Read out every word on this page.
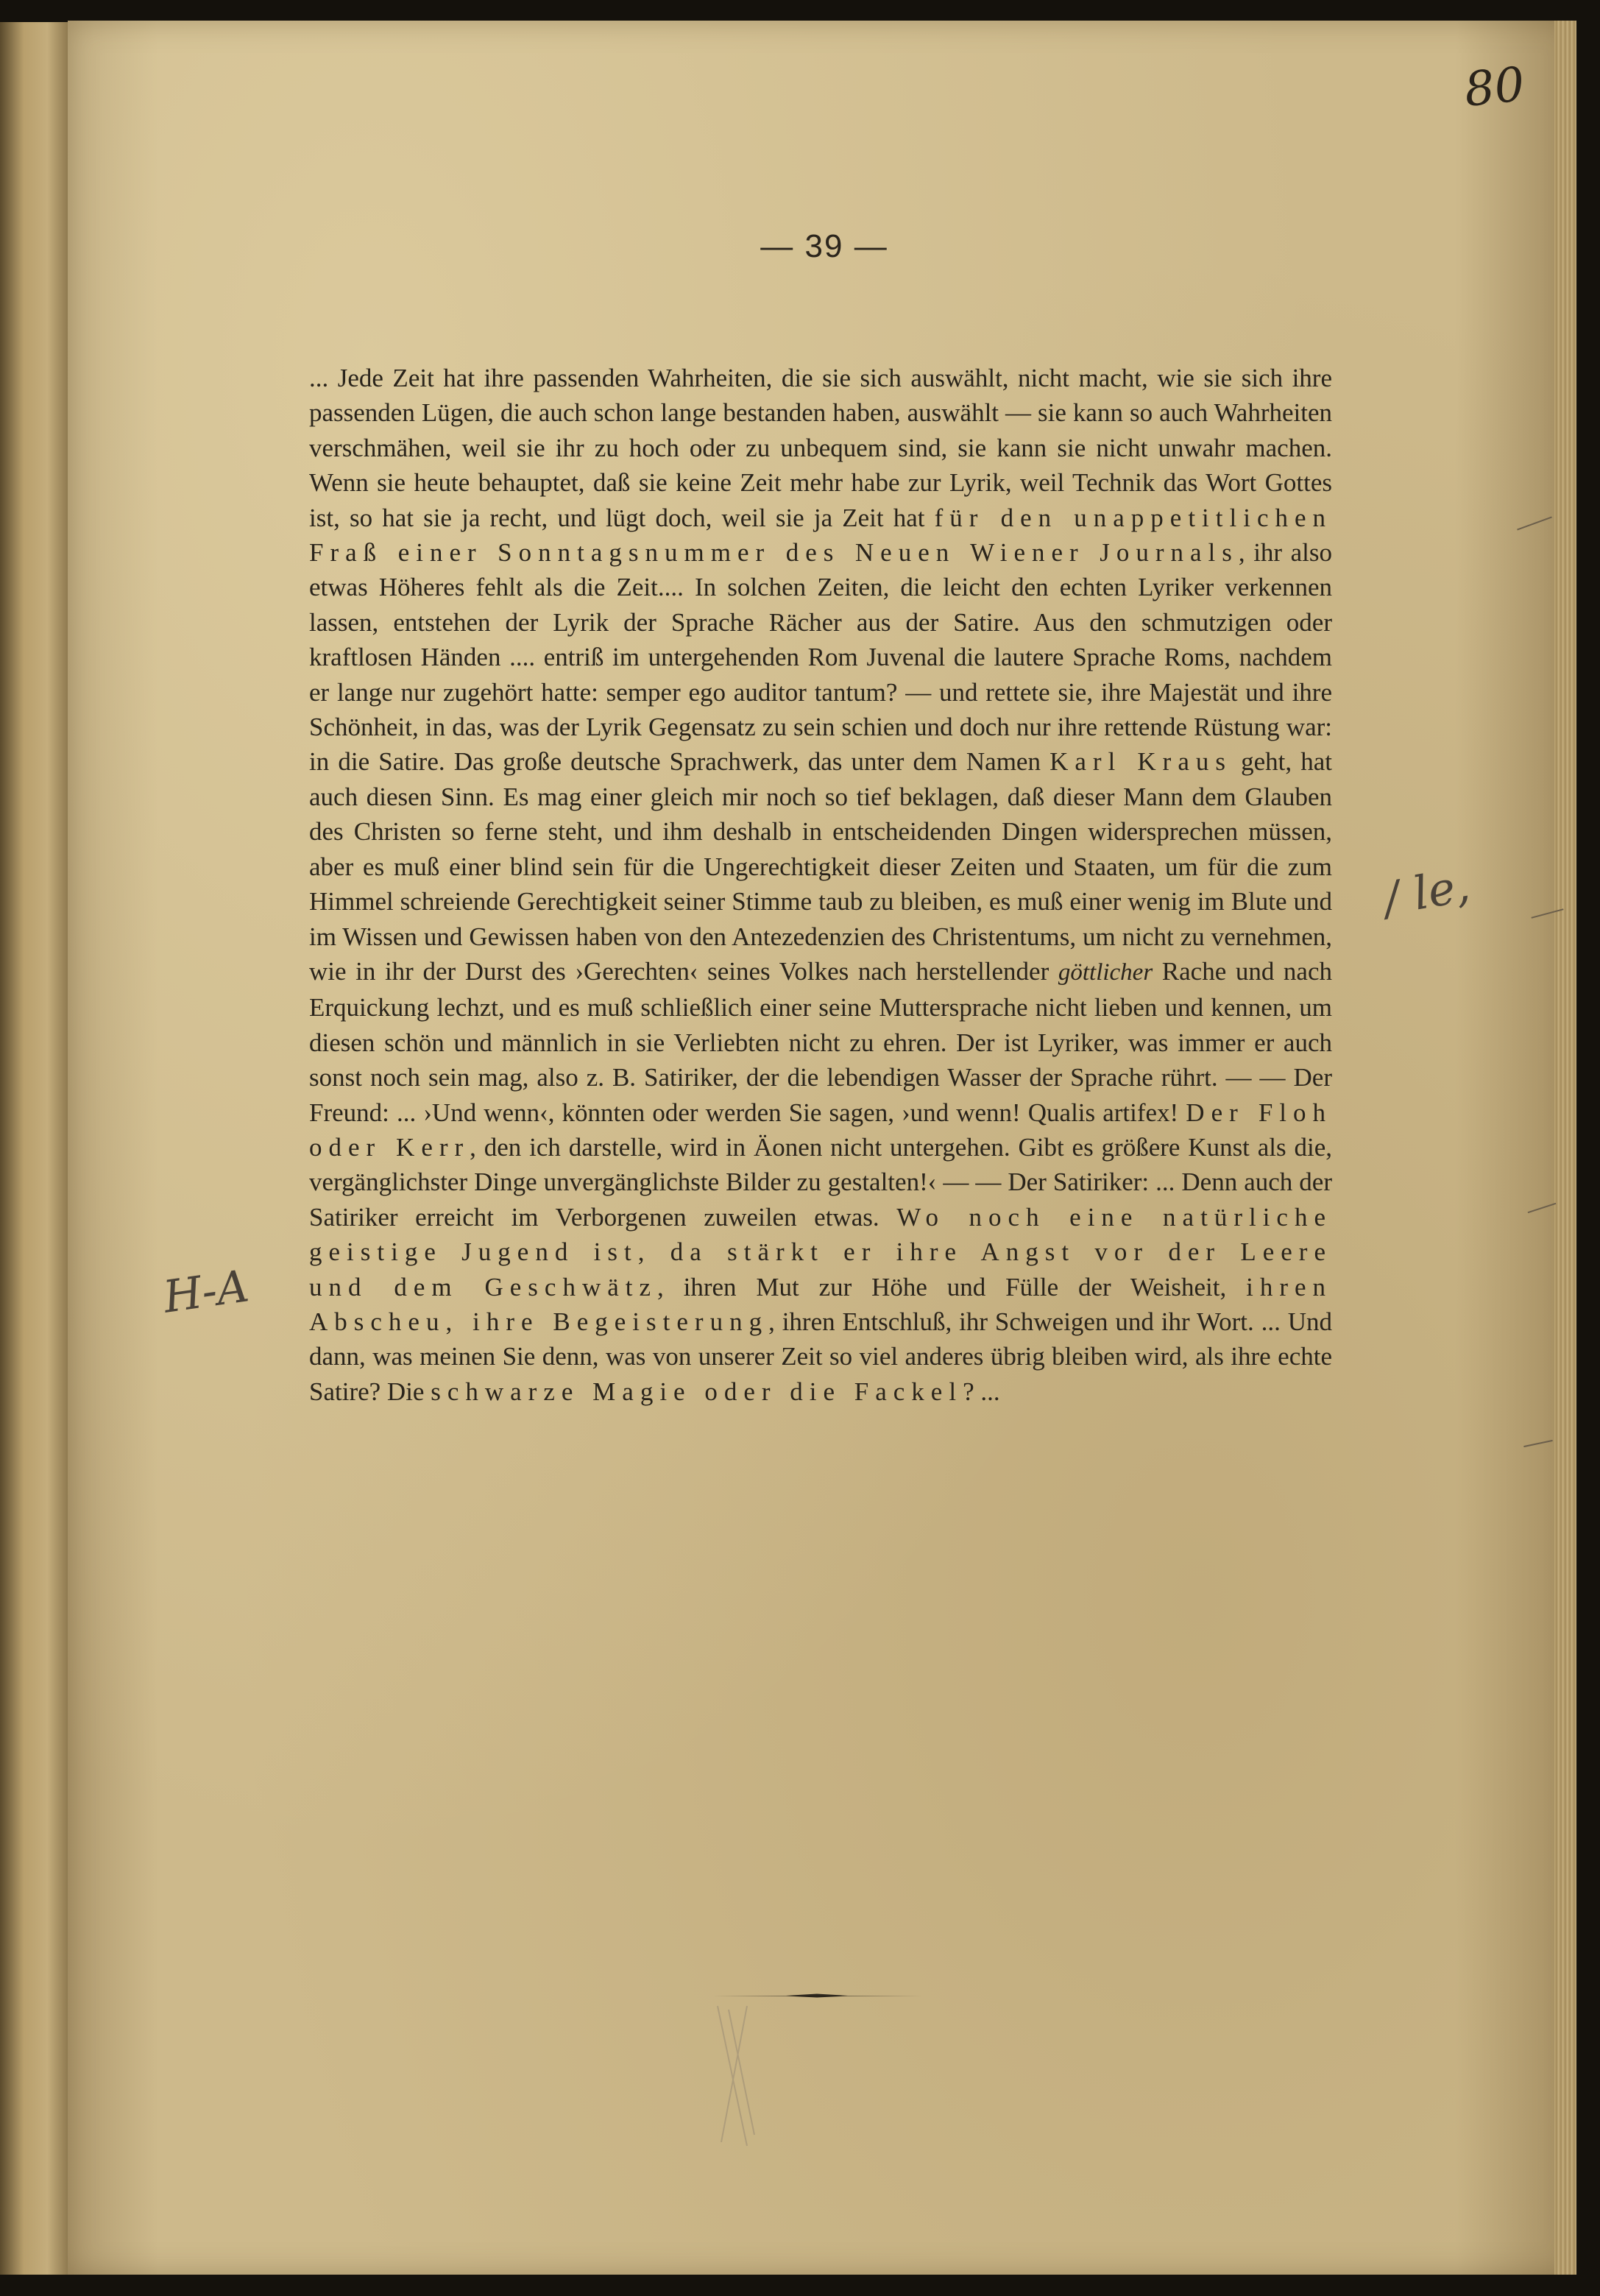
80
— 39 —

... Jede Zeit hat ihre passenden Wahrheiten, die sie sich auswählt, nicht macht, wie sie sich ihre passenden Lügen, die auch schon lange bestanden haben, auswählt — sie kann so auch Wahrheiten verschmähen, weil sie ihr zu hoch oder zu unbequem sind, sie kann sie nicht unwahr machen. Wenn sie heute behauptet, daß sie keine Zeit mehr habe zur Lyrik, weil Technik das Wort Gottes ist, so hat sie ja recht, und lügt doch, weil sie ja Zeit hat für den unappetitlichen Fraß einer Sonntagsnummer des Neuen Wiener Journals, ihr also etwas Höheres fehlt als die Zeit.... In solchen Zeiten, die leicht den echten Lyriker verkennen lassen, entstehen der Lyrik der Sprache Rächer aus der Satire. Aus den schmutzigen oder kraftlosen Händen .... entriß im untergehenden Rom Juvenal die lautere Sprache Roms, nachdem er lange nur zugehört hatte: semper ego auditor tantum? — und rettete sie, ihre Majestät und ihre Schönheit, in das, was der Lyrik Gegensatz zu sein schien und doch nur ihre rettende Rüstung war: in die Satire. Das große deutsche Sprachwerk, das unter dem Namen Karl Kraus geht, hat auch diesen Sinn. Es mag einer gleich mir noch so tief beklagen, daß dieser Mann dem Glauben des Christen so ferne steht, und ihm deshalb in entscheidenden Dingen widersprechen müssen, aber es muß einer blind sein für die Ungerechtigkeit dieser Zeiten und Staaten, um für die zum Himmel schreiende Gerechtigkeit seiner Stimme taub zu bleiben, es muß einer wenig im Blute und im Wissen und Gewissen haben von den Antezedenzien des Christentums, um nicht zu vernehmen, wie in ihr der Durst des ›Gerechten‹ seines Volkes nach herstellender göttlicher Rache und nach Erquickung lechzt, und es muß schließlich einer seine Muttersprache nicht lieben und kennen, um diesen schön und männlich in sie Verliebten nicht zu ehren. Der ist Lyriker, was immer er auch sonst noch sein mag, also z. B. Satiriker, der die lebendigen Wasser der Sprache rührt. — — Der Freund: ... ›Und wenn‹, könnten oder werden Sie sagen, ›und wenn! Qualis artifex! Der Floh oder Kerr, den ich darstelle, wird in Äonen nicht untergehen. Gibt es größere Kunst als die, vergänglichster Dinge unvergänglichste Bilder zu gestalten!‹ — — Der Satiriker: ... Denn auch der Satiriker erreicht im Verborgenen zuweilen etwas. Wo noch eine natürliche geistige Jugend ist, da stärkt er ihre Angst vor der Leere und dem Geschwätz, ihren Mut zur Höhe und Fülle der Weisheit, ihren Abscheu, ihre Begeisterung, ihren Entschluß, ihr Schweigen und ihr Wort. ... Und dann, was meinen Sie denn, was von unserer Zeit so viel anderes übrig bleiben wird, als ihre echte Satire? Die schwarze Magie oder die Fackel? ...

H-A
/ le,
